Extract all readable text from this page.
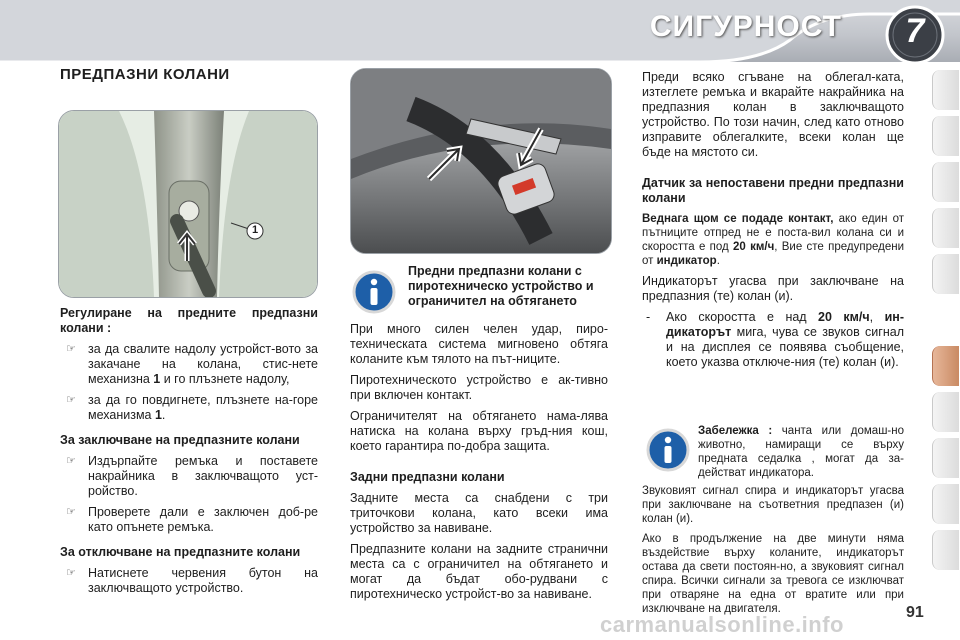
СИГУРНОСТ	7
ПРЕДПАЗНИ КОЛАНИ
1

Регулиране на предните предпазни колани :

☞ за да свалите надолу устройст-вото за закачане на колана, стис-нете механизна 1 и го плъзнете надолу,

☞ за да го повдигнете, плъзнете на-горе механизма 1.

За заключване на предпазните колани

☞ Издърпайте ремъка и поставете накрайника в заключващото уст-ройство.

☞ Проверете дали е заключен доб-ре като опънете ремъка.

За отключване на предпазните колани

☞ Натиснете червения бутон на заключващото устройство.

Предни предпазни колани с пиротехническо устройство и ограничител на обтягането

При много силен челен удар, пиро-техническата система мигновено обтяга коланите към тялото на път-ниците.

Пиротехническото устройство е ак-тивно при включен контакт.

Ограничителят на обтягането нама-лява натиска на колана върху гръд-ния кош, което гарантира по-добра защита.

Задни предпазни колани

Задните места са снабдени с три триточкови колана, като всеки има устройство за навиване.

Предпазните колани на задните странични места са с ограничител на обтягането и могат да бъдат обо-рудвани с пиротехническо устройст-во за навиване.

Преди всяко сгъване на облегал-ката, изтеглете ремъка и вкарайте накрайника на предпазния колан в заключващото устройство. По този начин, след като отново изправите облегалките, всеки колан ще бъде на мястото си.

Датчик за непоставени предни предпазни колани

Веднага щом се подаде контакт, ако един от пътниците отпред не е поста-вил колана си и скоростта е под 20 км/ч, Вие сте предупредени от индикатор.

Индикаторът угасва при заключване на предпазния (те) колан (и).

- Ако скоростта е над 20 км/ч, ин-дикаторът мига, чува се звуков сигнал и на дисплея се появява съобщение, което указва отключе-ния (те) колан (и).

Забележка : чанта или домаш-но животно, намиращи се върху предната седалка , могат да за-действат индикатора.

Звуковият сигнал спира и индикаторът угасва при заключване на съответния предпазен (и) колан (и).

Ако в продължение на две минути няма въздействие върху коланите, индикаторът остава да свети постоян-но, а звуковият сигнал спира. Всички сигнали за тревога се изключват при отваряне на една от вратите или при изключване на двигателя.

carmanualsonline.info	91
